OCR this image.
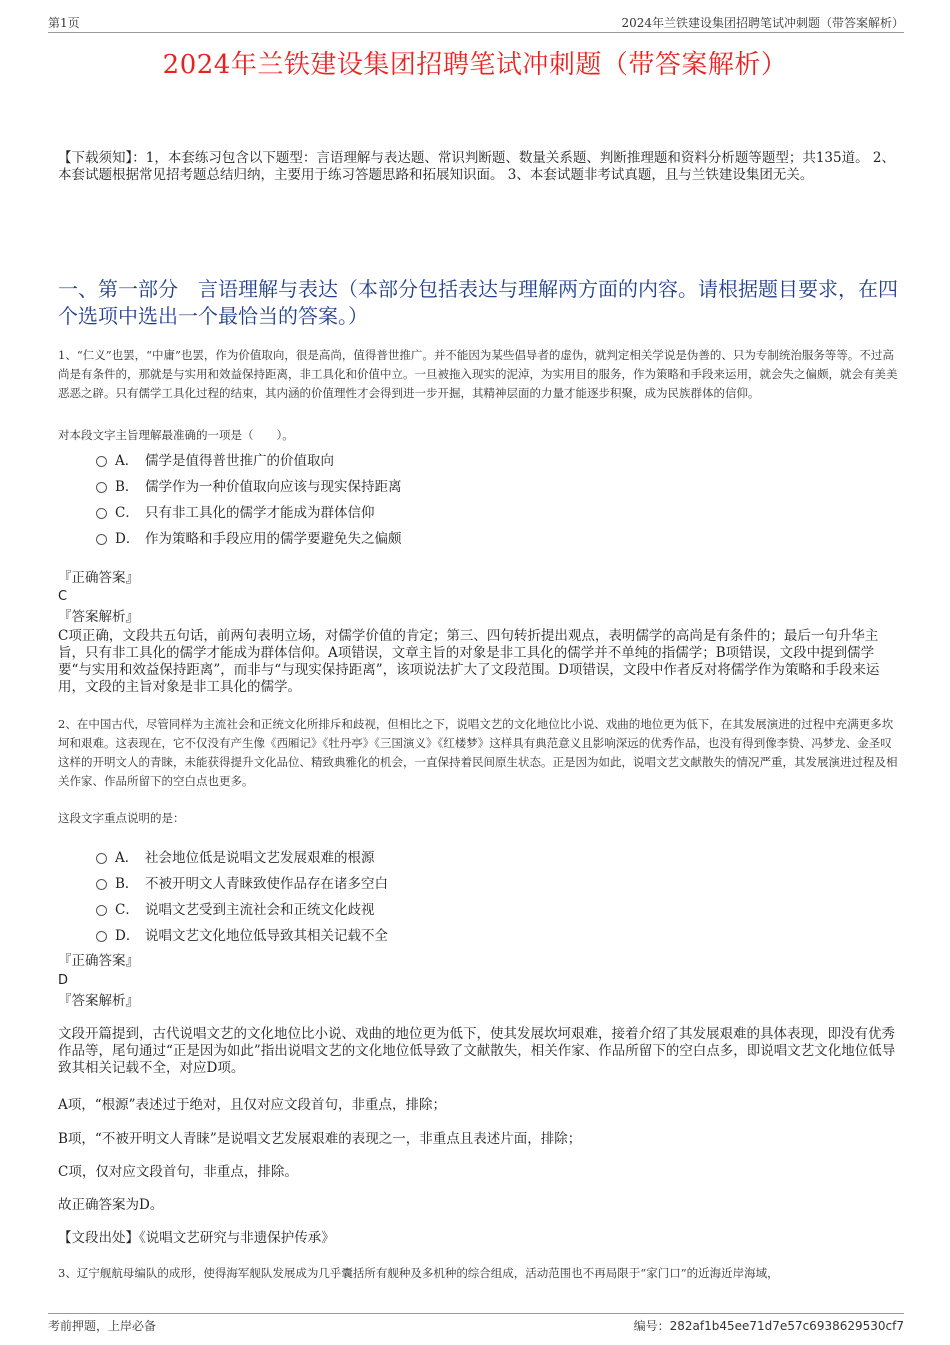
第1页	2024年兰铁建设集团招聘笔试冲刺题（带答案解析）
2024年兰铁建设集团招聘笔试冲刺题（带答案解析）
【下载须知】：1，本套练习包含以下题型：言语理解与表达题、常识判断题、数量关系题、判断推理题和资料分析题等题型；共135道。 2、本套试题根据常见招考题总结归纳，主要用于练习答题思路和拓展知识面。 3、本套试题非考试真题，且与兰铁建设集团无关。
一、第一部分　言语理解与表达（本部分包括表达与理解两方面的内容。请根据题目要求，在四个选项中选出一个最恰当的答案。）
1、“仁义”也罢，“中庸”也罢，作为价值取向，很是高尚，值得普世推广。并不能因为某些倡导者的虚伪，就判定相关学说是伪善的、只为专制统治服务等等。不过高尚是有条件的，那就是与实用和效益保持距离，非工具化和价值中立。一旦被拖入现实的泥淖，为实用目的服务，作为策略和手段来运用，就会失之偏颇，就会有美美恶恶之辟。只有儒学工具化过程的结束，其内涵的价值理性才会得到进一步开掘，其精神层面的力量才能逐步积聚，成为民族群体的信仰。
对本段文字主旨理解最准确的一项是（　　）。
A． 儒学是值得普世推广的价值取向
B． 儒学作为一种价值取向应该与现实保持距离
C． 只有非工具化的儒学才能成为群体信仰
D． 作为策略和手段应用的儒学要避免失之偏颇
『正确答案』
C
『答案解析』
C项正确，文段共五句话，前两句表明立场，对儒学价值的肯定；第三、四句转折提出观点，表明儒学的高尚是有条件的；最后一句升华主旨，只有非工具化的儒学才能成为群体信仰。A项错误，文章主旨的对象是非工具化的儒学并不单纯的指儒学；B项错误，文段中提到儒学要“与实用和效益保持距离”，而非与“与现实保持距离”，该项说法扩大了文段范围。D项错误，文段中作者反对将儒学作为策略和手段来运用，文段的主旨对象是非工具化的儒学。
2、在中国古代，尽管同样为主流社会和正统文化所排斥和歧视，但相比之下，说唱文艺的文化地位比小说、戏曲的地位更为低下，在其发展演进的过程中充满更多坎坷和艰难。这表现在，它不仅没有产生像《西厢记》《牡丹亭》《三国演义》《红楼梦》这样具有典范意义且影响深远的优秀作品，也没有得到像李贽、冯梦龙、金圣叹这样的开明文人的青睐，未能获得提升文化品位、精致典雅化的机会，一直保持着民间原生状态。正是因为如此，说唱文艺文献散失的情况严重，其发展演进过程及相关作家、作品所留下的空白点也更多。
这段文字重点说明的是：
A． 社会地位低是说唱文艺发展艰难的根源
B． 不被开明文人青睐致使作品存在诸多空白
C． 说唱文艺受到主流社会和正统文化歧视
D． 说唱文艺文化地位低导致其相关记载不全
『正确答案』
D
『答案解析』
文段开篇提到，古代说唱文艺的文化地位比小说、戏曲的地位更为低下，使其发展坎坷艰难，接着介绍了其发展艰难的具体表现，即没有优秀作品等，尾句通过“正是因为如此”指出说唱文艺的文化地位低导致了文献散失，相关作家、作品所留下的空白点多，即说唱文艺文化地位低导致其相关记载不全，对应D项。
A项，“根源”表述过于绝对，且仅对应文段首句，非重点，排除；
B项，“不被开明文人青睐”是说唱文艺发展艰难的表现之一，非重点且表述片面，排除；
C项，仅对应文段首句，非重点，排除。
故正确答案为D。
【文段出处】《说唱文艺研究与非遗保护传承》
3、辽宁舰航母编队的成形，使得海军舰队发展成为几乎囊括所有舰种及多机种的综合组成，活动范围也不再局限于“家门口”的近海近岸海域，
考前押题，上岸必备	编号：282af1b45ee71d7e57c6938629530cf7
